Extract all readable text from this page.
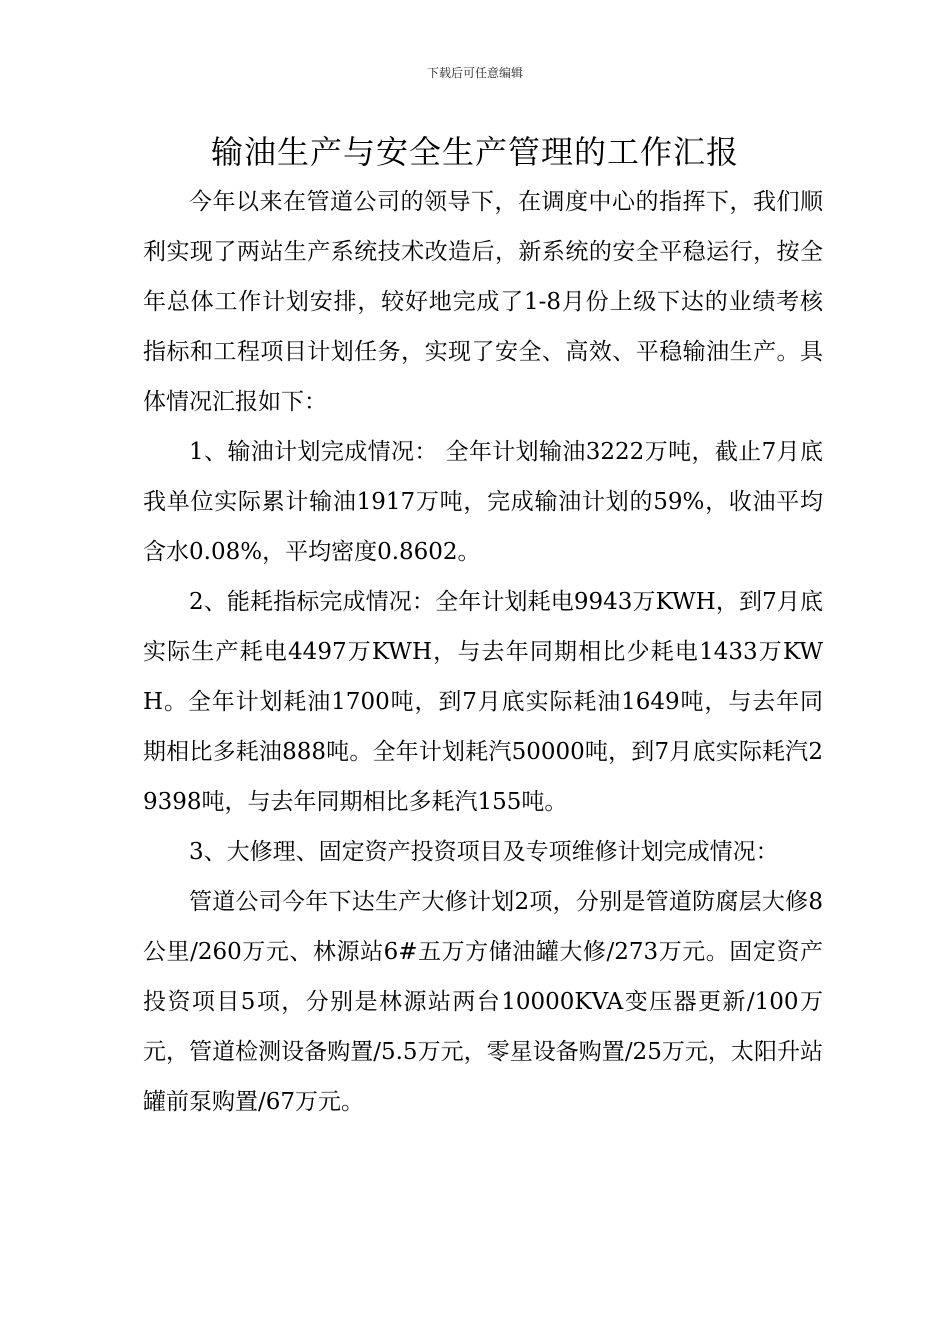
下载后可任意编辑
输油生产与安全生产管理的工作汇报

今年以来在管道公司的领导下，在调度中心的指挥下，我们顺利实现了两站生产系统技术改造后，新系统的安全平稳运行，按全年总体工作计划安排，较好地完成了1-8月份上级下达的业绩考核指标和工程项目计划任务，实现了安全、高效、平稳输油生产。具体情况汇报如下：

1、输油计划完成情况： 全年计划输油3222万吨，截止7月底我单位实际累计输油1917万吨，完成输油计划的59%，收油平均含水0.08%，平均密度0.8602。

2、能耗指标完成情况：全年计划耗电9943万KWH，到7月底实际生产耗电4497万KWH，与去年同期相比少耗电1433万KWH。全年计划耗油1700吨，到7月底实际耗油1649吨，与去年同期相比多耗油888吨。全年计划耗汽50000吨，到7月底实际耗汽29398吨，与去年同期相比多耗汽155吨。

3、大修理、固定资产投资项目及专项维修计划完成情况：

管道公司今年下达生产大修计划2项，分别是管道防腐层大修8公里/260万元、林源站6#五万方储油罐大修/273万元。固定资产投资项目5项，分别是林源站两台10000KVA变压器更新/100万元，管道检测设备购置/5.5万元，零星设备购置/25万元，太阳升站罐前泵购置/67万元。
